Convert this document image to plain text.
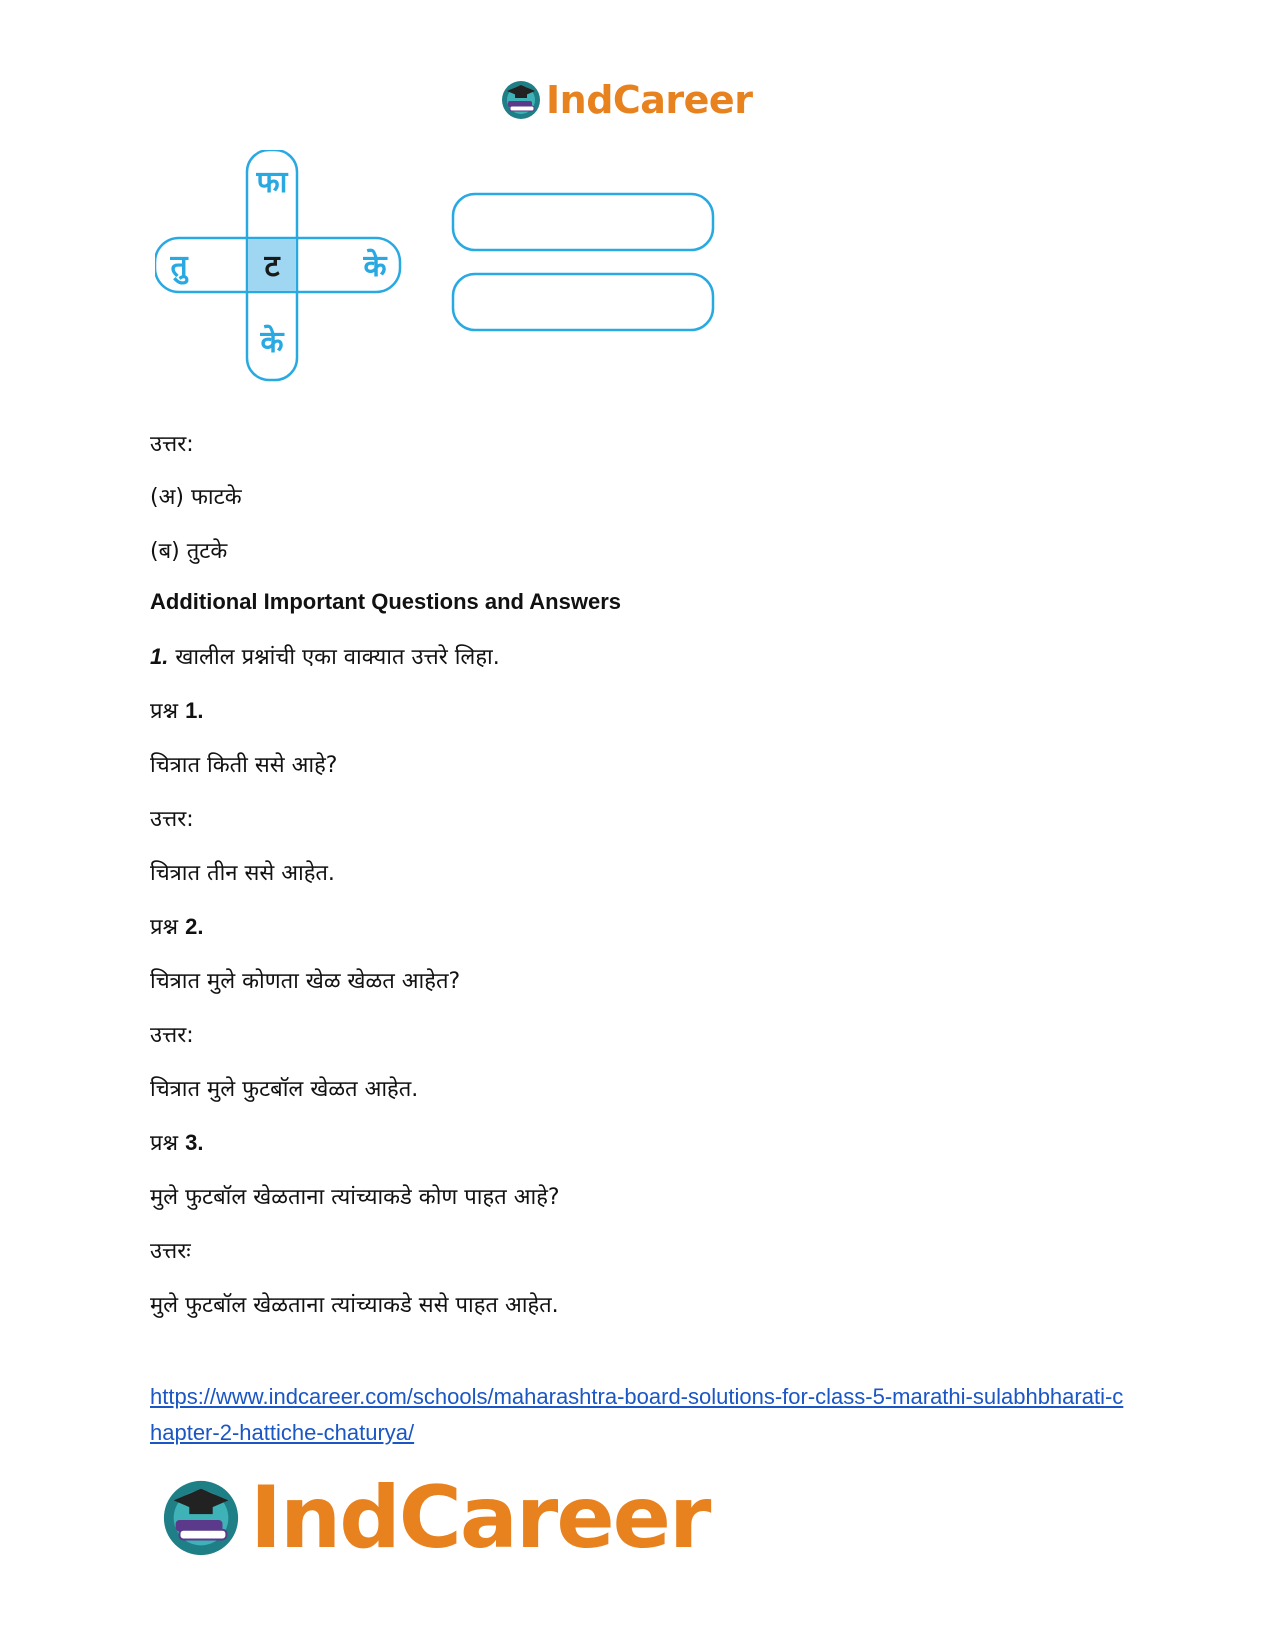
IndCareer
फा
तु	ट	के
के
उत्तर:
(अ) फाटके
(ब) तुटके
Additional Important Questions and Answers
1. खालील प्रश्नांची एका वाक्यात उत्तरे लिहा.
प्रश्न 1.
चित्रात किती ससे आहे?
उत्तर:
चित्रात तीन ससे आहेत.
प्रश्न 2.
चित्रात मुले कोणता खेळ खेळत आहेत?
उत्तर:
चित्रात मुले फुटबॉल खेळत आहेत.
प्रश्न 3.
मुले फुटबॉल खेळताना त्यांच्याकडे कोण पाहत आहे?
उत्तरः
मुले फुटबॉल खेळताना त्यांच्याकडे ससे पाहत आहेत.
https://www.indcareer.com/schools/maharashtra-board-solutions-for-class-5-marathi-sulabhbharati-chapter-2-hattiche-chaturya/
IndCareer
